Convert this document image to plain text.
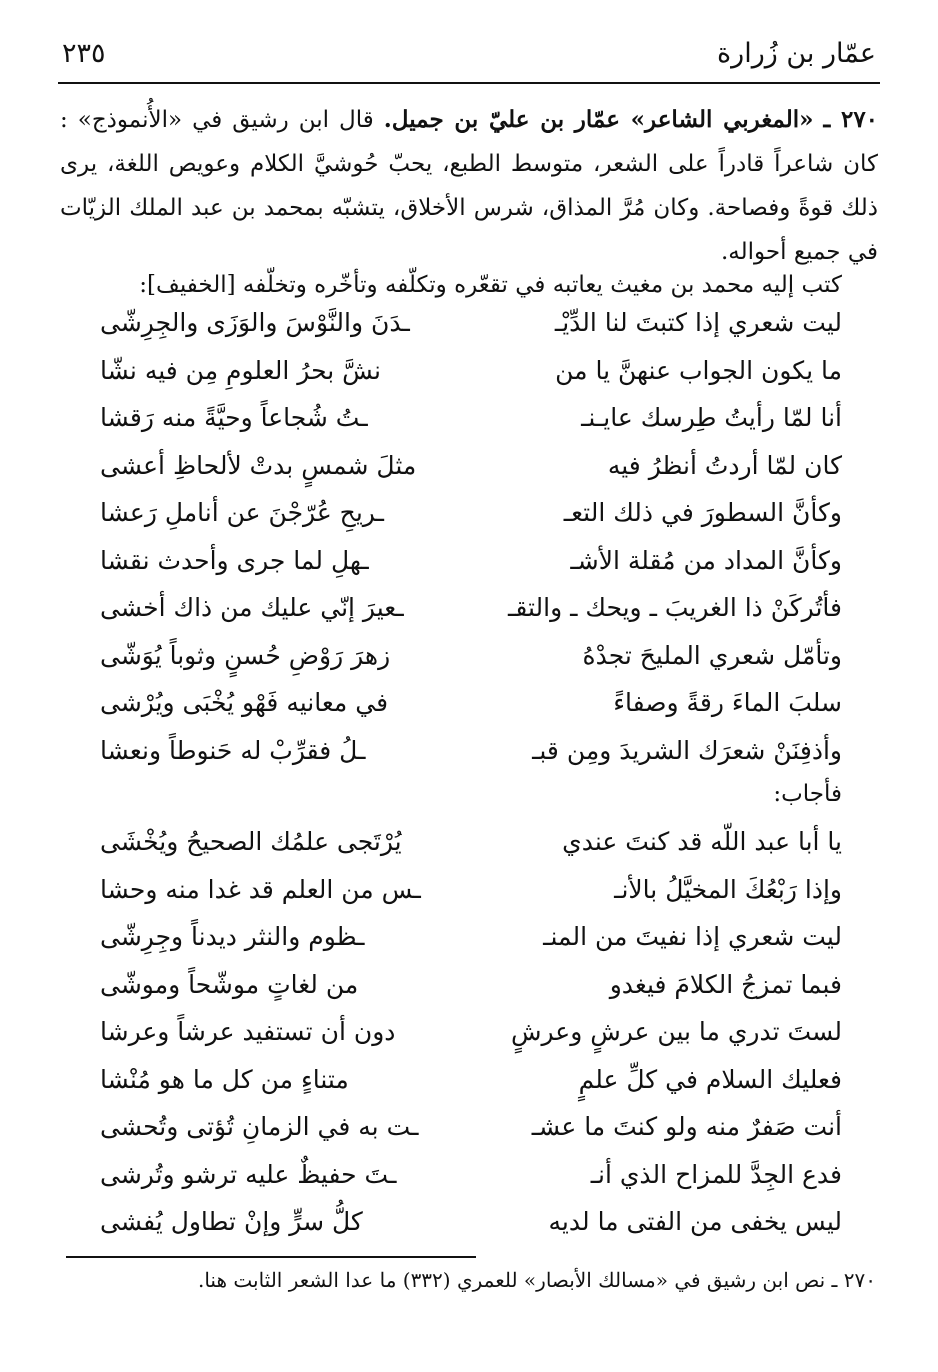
عمّار بن زُرارة
٢٣٥
٢٧٠ ـ «المغربي الشاعر» عمّار بن عليّ بن جميل. قال ابن رشيق في «الأُنموذج» : كان شاعراً قادراً على الشعر، متوسط الطبع، يحبّ حُوشيَّ الكلام وعويص اللغة، يرى ذلك قوةً وفصاحة. وكان مُرَّ المذاق، شرس الأخلاق، يتشبّه بمحمد بن عبد الملك الزيّات في جميع أحواله.
كتب إليه محمد بن مغيث يعاتبه في تقعّره وتكلّفه وتأخّره وتخلّفه [الخفيف]:
ليت شعري إذا كتبتَ لنا الدِّيْـ
ـدَنَ والنَّوْسَ والوَزَى والجِرِشّى
ما يكون الجواب عنهنَّ يا من
نشَّ بحرُ العلومِ مِن فيه نشّا
أنا لمّا رأيتُ طِرسك عايـنـ
ـتُ شُجاعاً وحيَّةً منه رَقشا
كان لمّا أردتُ أنظرُ فيه
مثلَ شمسٍ بدتْ لألحاظِ أعشى
وكأنَّ السطورَ في ذلك التعـ
ـريحِ عُرّجْنَ عن أناملِ رَعشا
وكأنَّ المداد من مُقلة الأشـ
ـهلِ لما جرى وأحدث نقشا
فأتُركَنْ ذا الغريبَ ـ ويحك ـ والتقـ
ـعيرَ إنّي عليك من ذاك أخشى
وتأمّل شعري المليحَ تجدْهُ
زهرَ رَوْضِ حُسنٍ وثوباً يُوَشّى
سلبَ الماءَ رقةً وصفاءً
في معانيه فَهْو يُخْبَى ويُرْشى
وأذفِنَنْ شعرَك الشريدَ ومِن قبـ
ـلُ فقرِّبْ له حَنوطاً ونعشا
فأجاب:
يا أبا عبد اللّه قد كنتَ عندي
يُرْتَجى علمُك الصحيحُ ويُخْشَى
وإذا رَبْعُكَ المخيَّلُ بالأنـ
ـس من العلم قد غدا منه وحشا
ليت شعري إذا نفيتَ من المنـ
ـظوم والنثر ديدناً وجِرِشّى
فبما تمزجُ الكلامَ فيغدو
من لغاتٍ موشّحاً وموشّى
لستَ تدري ما بين عرشٍ وعرشٍ
دون أن تستفيد عرشاً وعرشا
فعليك السلام في كلِّ علمٍ
متناءٍ من كل ما هو مُنْشا
أنت صَفرٌ منه ولو كنتَ ما عشـ
ـت به في الزمانِ تُؤتى وتُحشى
فدع الجِدَّ للمزاح الذي أنـ
ـتَ حفيظٌ عليه ترشو وتُرشى
ليس يخفى من الفتى ما لديه
كلُّ سرٍّ وإنْ تطاول يُفشى
٢٧٠ ـ نص ابن رشيق في «مسالك الأبصار» للعمري (٣٣٢) ما عدا الشعر الثابت هنا.
